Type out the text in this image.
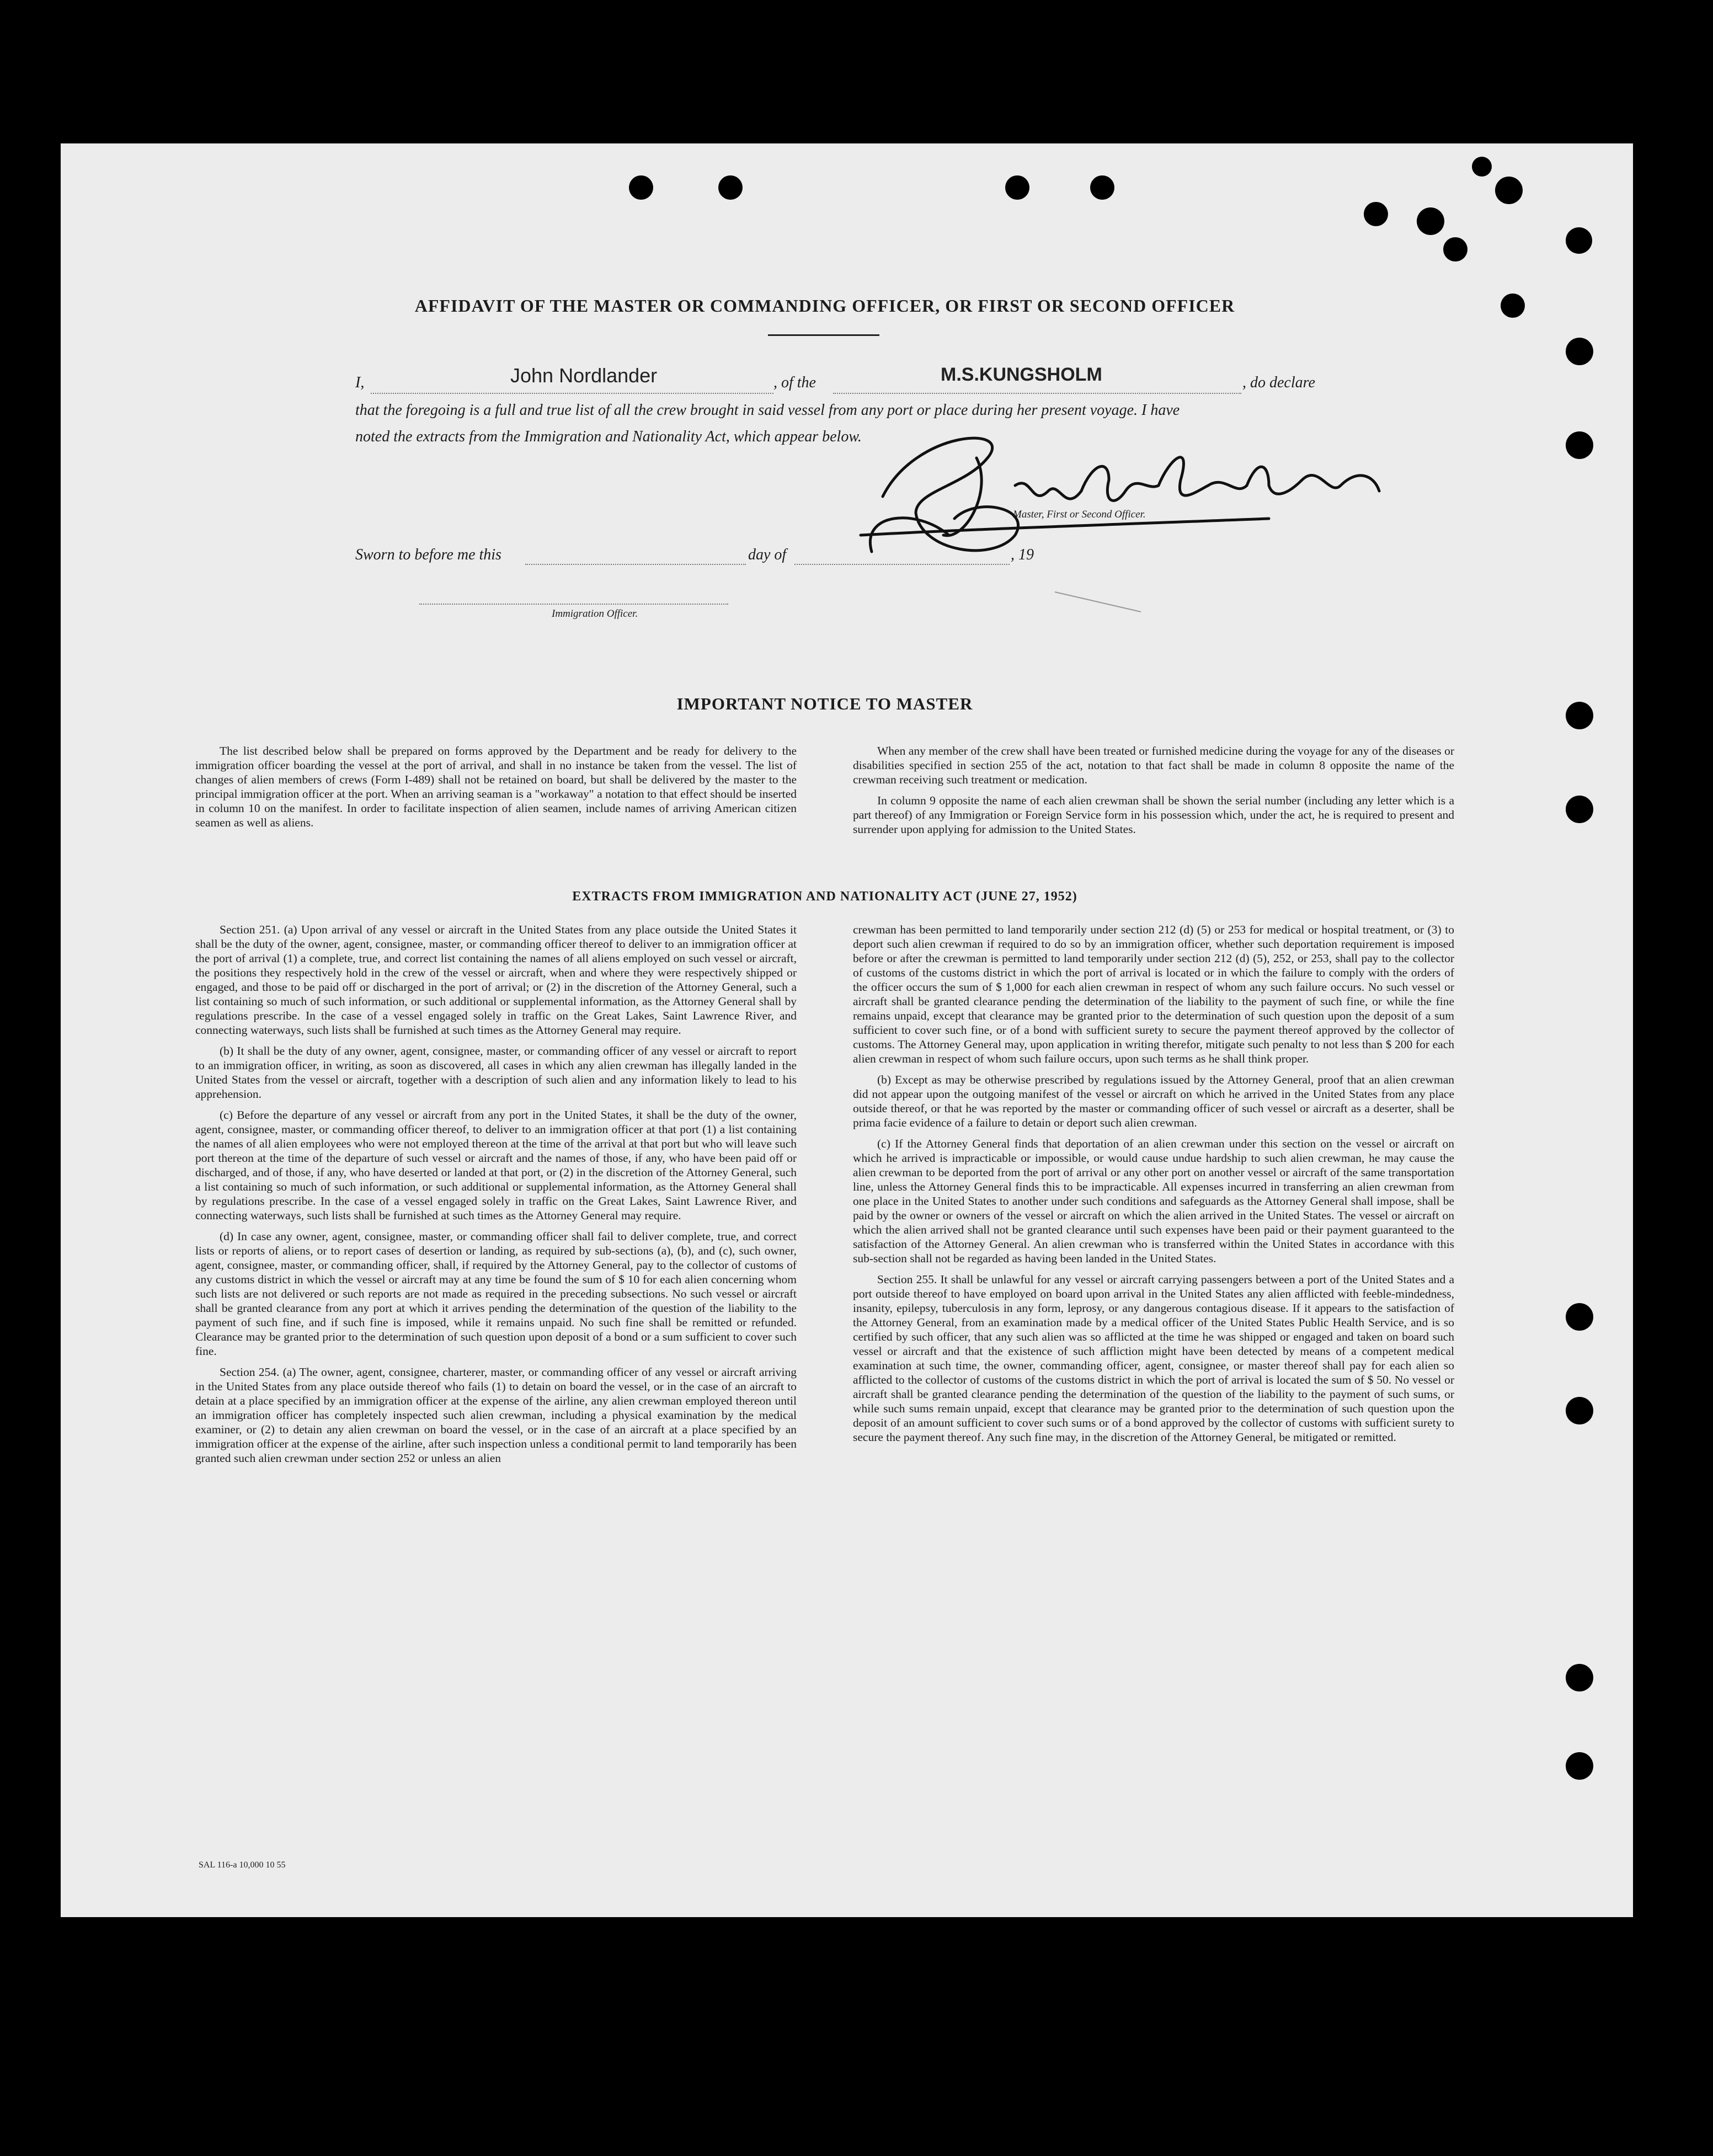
AFFIDAVIT OF THE MASTER OR COMMANDING OFFICER, OR FIRST OR SECOND OFFICER
I,	John Nordlander	, of the	M.S.KUNGSHOLM	, do declare
that the foregoing is a full and true list of all the crew brought in said vessel from any port or place during her present voyage. I have
noted the extracts from the Immigration and Nationality Act, which appear below.
Master, First or Second Officer.
Sworn to before me this	day of	, 19
Immigration Officer.
IMPORTANT NOTICE TO MASTER

The list described below shall be prepared on forms approved by the Department and be ready for delivery to the immigration officer boarding the vessel at the port of arrival, and shall in no instance be taken from the vessel. The list of changes of alien members of crews (Form I-489) shall not be retained on board, but shall be delivered by the master to the principal immigration officer at the port. When an arriving seaman is a "workaway" a notation to that effect should be inserted in column 10 on the manifest. In order to facilitate inspection of alien seamen, include names of arriving American citizen seamen as well as aliens.

When any member of the crew shall have been treated or furnished medicine during the voyage for any of the diseases or disabilities specified in section 255 of the act, notation to that fact shall be made in column 8 opposite the name of the crewman receiving such treatment or medication.

In column 9 opposite the name of each alien crewman shall be shown the serial number (including any letter which is a part thereof) of any Immigration or Foreign Service form in his possession which, under the act, he is required to present and surrender upon applying for admission to the United States.

EXTRACTS FROM IMMIGRATION AND NATIONALITY ACT (JUNE 27, 1952)

Section 251. (a) Upon arrival of any vessel or aircraft in the United States from any place outside the United States it shall be the duty of the owner, agent, consignee, master, or commanding officer thereof to deliver to an immigration officer at the port of arrival (1) a complete, true, and correct list containing the names of all aliens employed on such vessel or aircraft, the positions they respectively hold in the crew of the vessel or aircraft, when and where they were respectively shipped or engaged, and those to be paid off or discharged in the port of arrival; or (2) in the discretion of the Attorney General, such a list containing so much of such information, or such additional or supplemental information, as the Attorney General shall by regulations prescribe. In the case of a vessel engaged solely in traffic on the Great Lakes, Saint Lawrence River, and connecting waterways, such lists shall be furnished at such times as the Attorney General may require.

(b) It shall be the duty of any owner, agent, consignee, master, or commanding officer of any vessel or aircraft to report to an immigration officer, in writing, as soon as discovered, all cases in which any alien crewman has illegally landed in the United States from the vessel or aircraft, together with a description of such alien and any information likely to lead to his apprehension.

(c) Before the departure of any vessel or aircraft from any port in the United States, it shall be the duty of the owner, agent, consignee, master, or commanding officer thereof, to deliver to an immigration officer at that port (1) a list containing the names of all alien employees who were not employed thereon at the time of the arrival at that port but who will leave such port thereon at the time of the departure of such vessel or aircraft and the names of those, if any, who have been paid off or discharged, and of those, if any, who have deserted or landed at that port, or (2) in the discretion of the Attorney General, such a list containing so much of such information, or such additional or supplemental information, as the Attorney General shall by regulations prescribe. In the case of a vessel engaged solely in traffic on the Great Lakes, Saint Lawrence River, and connecting waterways, such lists shall be furnished at such times as the Attorney General may require.

(d) In case any owner, agent, consignee, master, or commanding officer shall fail to deliver complete, true, and correct lists or reports of aliens, or to report cases of desertion or landing, as required by sub-sections (a), (b), and (c), such owner, agent, consignee, master, or commanding officer, shall, if required by the Attorney General, pay to the collector of customs of any customs district in which the vessel or aircraft may at any time be found the sum of $ 10 for each alien concerning whom such lists are not delivered or such reports are not made as required in the preceding subsections. No such vessel or aircraft shall be granted clearance from any port at which it arrives pending the determination of the question of the liability to the payment of such fine, and if such fine is imposed, while it remains unpaid. No such fine shall be remitted or refunded. Clearance may be granted prior to the determination of such question upon deposit of a bond or a sum sufficient to cover such fine.

Section 254. (a) The owner, agent, consignee, charterer, master, or commanding officer of any vessel or aircraft arriving in the United States from any place outside thereof who fails (1) to detain on board the vessel, or in the case of an aircraft to detain at a place specified by an immigration officer at the expense of the airline, any alien crewman employed thereon until an immigration officer has completely inspected such alien crewman, including a physical examination by the medical examiner, or (2) to detain any alien crewman on board the vessel, or in the case of an aircraft at a place specified by an immigration officer at the expense of the airline, after such inspection unless a conditional permit to land temporarily has been granted such alien crewman under section 252 or unless an alien

crewman has been permitted to land temporarily under section 212 (d) (5) or 253 for medical or hospital treatment, or (3) to deport such alien crewman if required to do so by an immigration officer, whether such deportation requirement is imposed before or after the crewman is permitted to land temporarily under section 212 (d) (5), 252, or 253, shall pay to the collector of customs of the customs district in which the port of arrival is located or in which the failure to comply with the orders of the officer occurs the sum of $ 1,000 for each alien crewman in respect of whom any such failure occurs. No such vessel or aircraft shall be granted clearance pending the determination of the liability to the payment of such fine, or while the fine remains unpaid, except that clearance may be granted prior to the determination of such question upon the deposit of a sum sufficient to cover such fine, or of a bond with sufficient surety to secure the payment thereof approved by the collector of customs. The Attorney General may, upon application in writing therefor, mitigate such penalty to not less than $ 200 for each alien crewman in respect of whom such failure occurs, upon such terms as he shall think proper.

(b) Except as may be otherwise prescribed by regulations issued by the Attorney General, proof that an alien crewman did not appear upon the outgoing manifest of the vessel or aircraft on which he arrived in the United States from any place outside thereof, or that he was reported by the master or commanding officer of such vessel or aircraft as a deserter, shall be prima facie evidence of a failure to detain or deport such alien crewman.

(c) If the Attorney General finds that deportation of an alien crewman under this section on the vessel or aircraft on which he arrived is impracticable or impossible, or would cause undue hardship to such alien crewman, he may cause the alien crewman to be deported from the port of arrival or any other port on another vessel or aircraft of the same transportation line, unless the Attorney General finds this to be impracticable. All expenses incurred in transferring an alien crewman from one place in the United States to another under such conditions and safeguards as the Attorney General shall impose, shall be paid by the owner or owners of the vessel or aircraft on which the alien arrived in the United States. The vessel or aircraft on which the alien arrived shall not be granted clearance until such expenses have been paid or their payment guaranteed to the satisfaction of the Attorney General. An alien crewman who is transferred within the United States in accordance with this sub-section shall not be regarded as having been landed in the United States.

Section 255. It shall be unlawful for any vessel or aircraft carrying passengers between a port of the United States and a port outside thereof to have employed on board upon arrival in the United States any alien afflicted with feeble-mindedness, insanity, epilepsy, tuberculosis in any form, leprosy, or any dangerous contagious disease. If it appears to the satisfaction of the Attorney General, from an examination made by a medical officer of the United States Public Health Service, and is so certified by such officer, that any such alien was so afflicted at the time he was shipped or engaged and taken on board such vessel or aircraft and that the existence of such affliction might have been detected by means of a competent medical examination at such time, the owner, commanding officer, agent, consignee, or master thereof shall pay for each alien so afflicted to the collector of customs of the customs district in which the port of arrival is located the sum of $ 50. No vessel or aircraft shall be granted clearance pending the determination of the question of the liability to the payment of such sums, or while such sums remain unpaid, except that clearance may be granted prior to the determination of such question upon the deposit of an amount sufficient to cover such sums or of a bond approved by the collector of customs with sufficient surety to secure the payment thereof. Any such fine may, in the discretion of the Attorney General, be mitigated or remitted.

SAL 116-a 10,000 10 55
